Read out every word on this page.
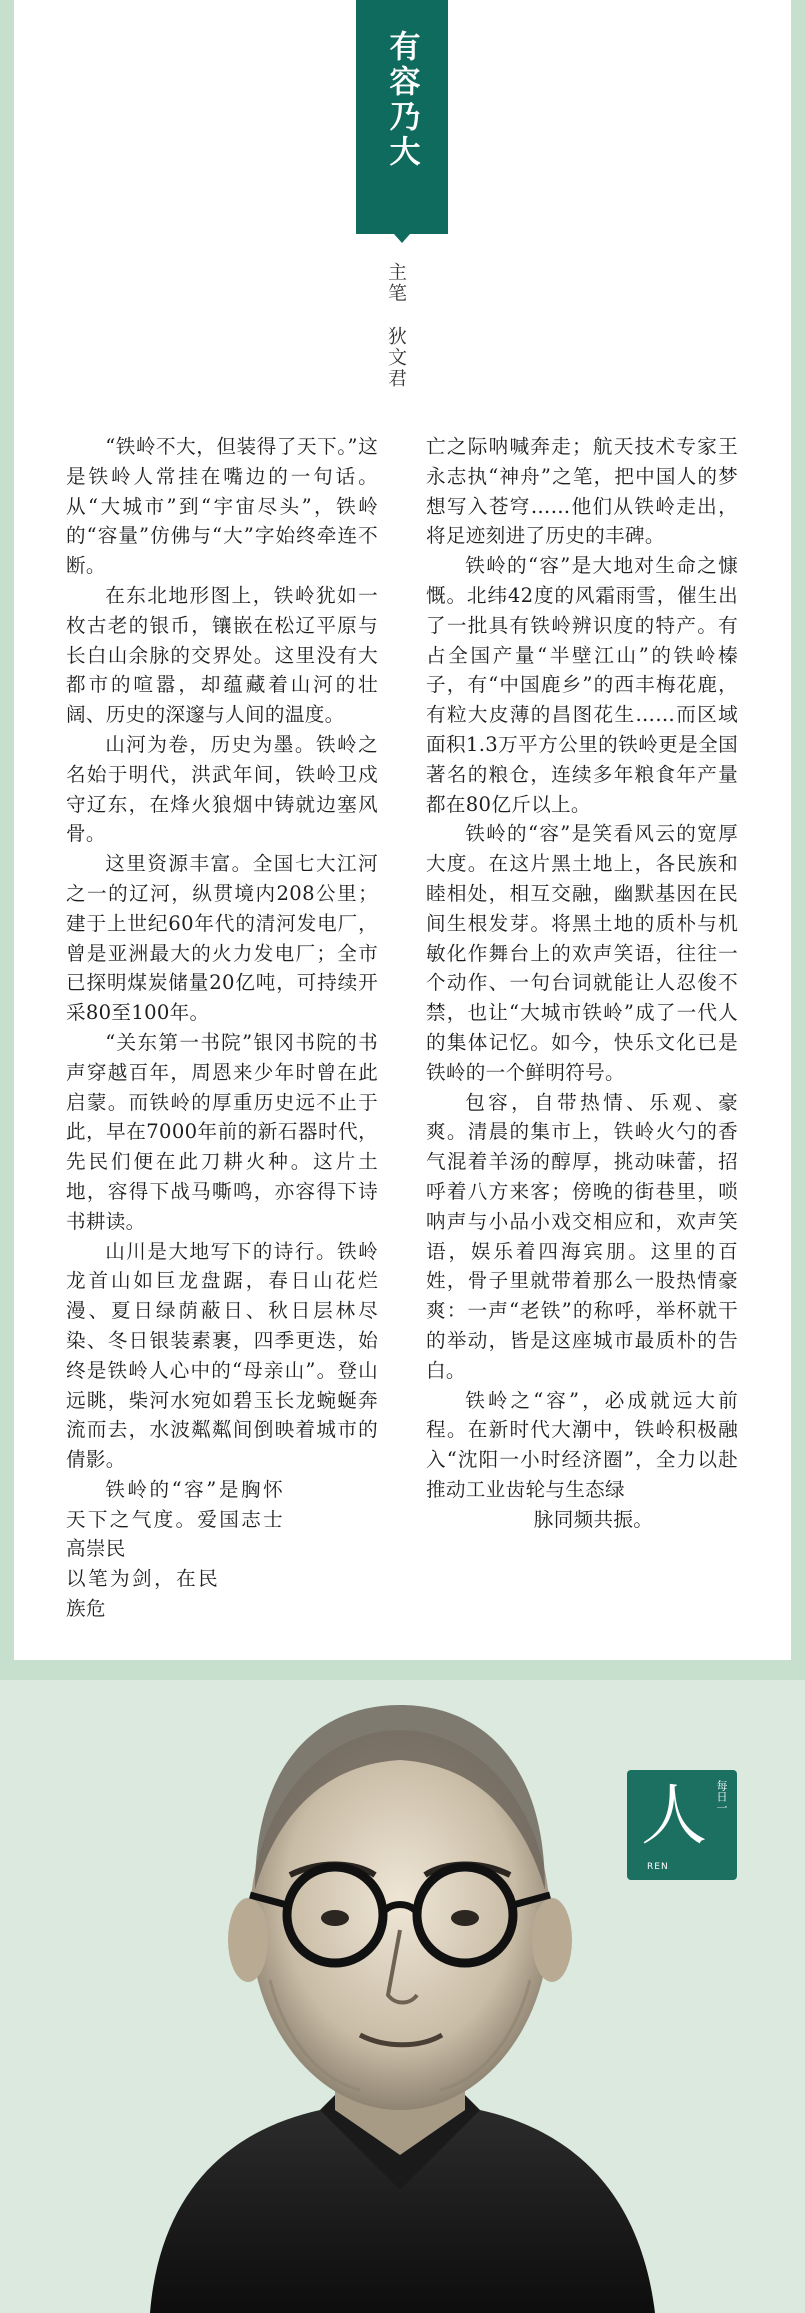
有容乃大
主笔狄文君

“铁岭不大，但装得了天下。”这是铁岭人常挂在嘴边的一句话。从“大城市”到“宇宙尽头”，铁岭的“容量”仿佛与“大”字始终牵连不断。

在东北地形图上，铁岭犹如一枚古老的银币，镶嵌在松辽平原与长白山余脉的交界处。这里没有大都市的喧嚣，却蕴藏着山河的壮阔、历史的深邃与人间的温度。

山河为卷，历史为墨。铁岭之名始于明代，洪武年间，铁岭卫戍守辽东，在烽火狼烟中铸就边塞风骨。

这里资源丰富。全国七大江河之一的辽河，纵贯境内208公里；建于上世纪60年代的清河发电厂，曾是亚洲最大的火力发电厂；全市已探明煤炭储量20亿吨，可持续开采80至100年。

“关东第一书院”银冈书院的书声穿越百年，周恩来少年时曾在此启蒙。而铁岭的厚重历史远不止于此，早在7000年前的新石器时代，先民们便在此刀耕火种。这片土地，容得下战马嘶鸣，亦容得下诗书耕读。

山川是大地写下的诗行。铁岭龙首山如巨龙盘踞，春日山花烂漫、夏日绿荫蔽日、秋日层林尽染、冬日银装素裹，四季更迭，始终是铁岭人心中的“母亲山”。登山远眺，柴河水宛如碧玉长龙蜿蜒奔流而去，水波粼粼间倒映着城市的倩影。

铁岭的“容”是胸怀天下之气度。爱国志士高崇民

以笔为剑，在民族危

亡之际呐喊奔走；航天技术专家王永志执“神舟”之笔，把中国人的梦想写入苍穹……他们从铁岭走出，将足迹刻进了历史的丰碑。

铁岭的“容”是大地对生命之慷慨。北纬42度的风霜雨雪，催生出了一批具有铁岭辨识度的特产。有占全国产量“半壁江山”的铁岭榛子，有“中国鹿乡”的西丰梅花鹿，有粒大皮薄的昌图花生……而区域面积1.3万平方公里的铁岭更是全国著名的粮仓，连续多年粮食年产量都在80亿斤以上。

铁岭的“容”是笑看风云的宽厚大度。在这片黑土地上，各民族和睦相处，相互交融，幽默基因在民间生根发芽。将黑土地的质朴与机敏化作舞台上的欢声笑语，往往一个动作、一句台词就能让人忍俊不禁，也让“大城市铁岭”成了一代人的集体记忆。如今，快乐文化已是铁岭的一个鲜明符号。

包容，自带热情、乐观、豪爽。清晨的集市上，铁岭火勺的香气混着羊汤的醇厚，挑动味蕾，招呼着八方来客；傍晚的街巷里，唢呐声与小品小戏交相应和，欢声笑语，娱乐着四海宾朋。这里的百姓，骨子里就带着那么一股热情豪爽：一声“老铁”的称呼，举杯就干的举动，皆是这座城市最质朴的告白。

铁岭之“容”，必成就远大前程。在新时代大潮中，铁岭积极融入“沈阳一小时经济圈”，全力以赴推动工业齿轮与生态绿

脉同频共振。

人 每日一
REN
